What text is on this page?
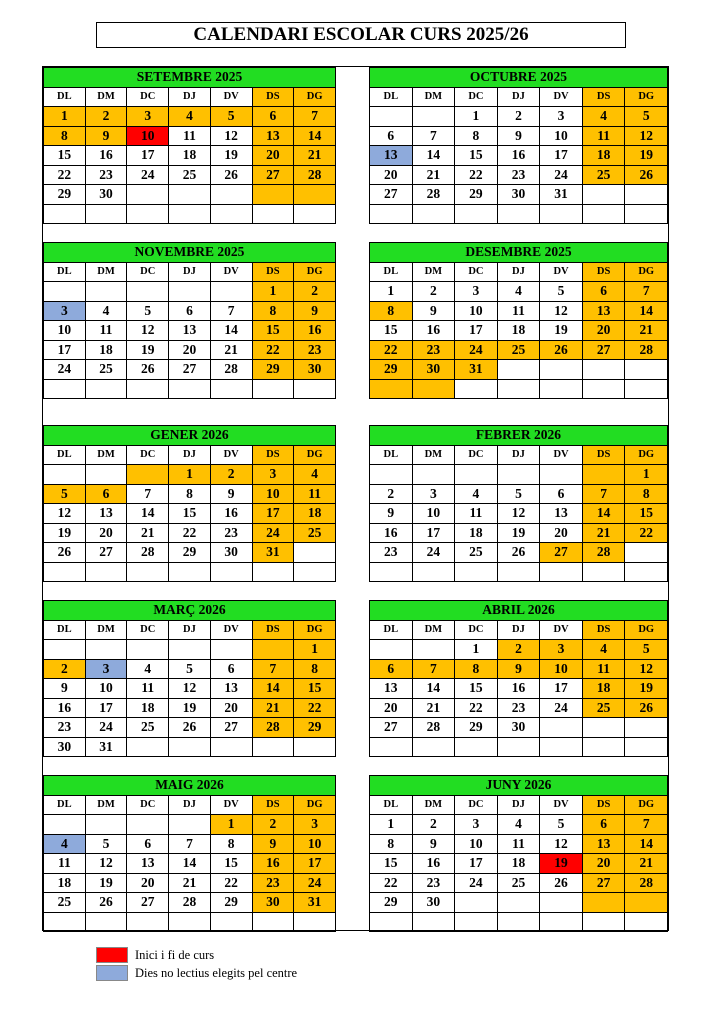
CALENDARI ESCOLAR CURS 2025/26
SETEMBRE 2025						
DL	DM	DC	DJ	DV	DS	DG
1	2	3	4	5	6	7
8	9	10	11	12	13	14
15	16	17	18	19	20	21
22	23	24	25	26	27	28
29	30					

OCTUBRE 2025						
DL	DM	DC	DJ	DV	DS	DG
		1	2	3	4	5
6	7	8	9	10	11	12
13	14	15	16	17	18	19
20	21	22	23	24	25	26
27	28	29	30	31		

NOVEMBRE 2025						
DL	DM	DC	DJ	DV	DS	DG
					1	2
3	4	5	6	7	8	9
10	11	12	13	14	15	16
17	18	19	20	21	22	23
24	25	26	27	28	29	30

DESEMBRE 2025						
DL	DM	DC	DJ	DV	DS	DG
1	2	3	4	5	6	7
8	9	10	11	12	13	14
15	16	17	18	19	20	21
22	23	24	25	26	27	28
29	30	31				

GENER 2026						
DL	DM	DC	DJ	DV	DS	DG
			1	2	3	4
5	6	7	8	9	10	11
12	13	14	15	16	17	18
19	20	21	22	23	24	25
26	27	28	29	30	31	

FEBRER 2026						
DL	DM	DC	DJ	DV	DS	DG
						1
2	3	4	5	6	7	8
9	10	11	12	13	14	15
16	17	18	19	20	21	22
23	24	25	26	27	28	

MARÇ 2026						
DL	DM	DC	DJ	DV	DS	DG
						1
2	3	4	5	6	7	8
9	10	11	12	13	14	15
16	17	18	19	20	21	22
23	24	25	26	27	28	29
30	31					
ABRIL 2026						
DL	DM	DC	DJ	DV	DS	DG
		1	2	3	4	5
6	7	8	9	10	11	12
13	14	15	16	17	18	19
20	21	22	23	24	25	26
27	28	29	30			

MAIG 2026						
DL	DM	DC	DJ	DV	DS	DG
				1	2	3
4	5	6	7	8	9	10
11	12	13	14	15	16	17
18	19	20	21	22	23	24
25	26	27	28	29	30	31

JUNY 2026						
DL	DM	DC	DJ	DV	DS	DG
1	2	3	4	5	6	7
8	9	10	11	12	13	14
15	16	17	18	19	20	21
22	23	24	25	26	27	28
29	30					

Inici i fi de curs
Dies no lectius elegits pel centre
